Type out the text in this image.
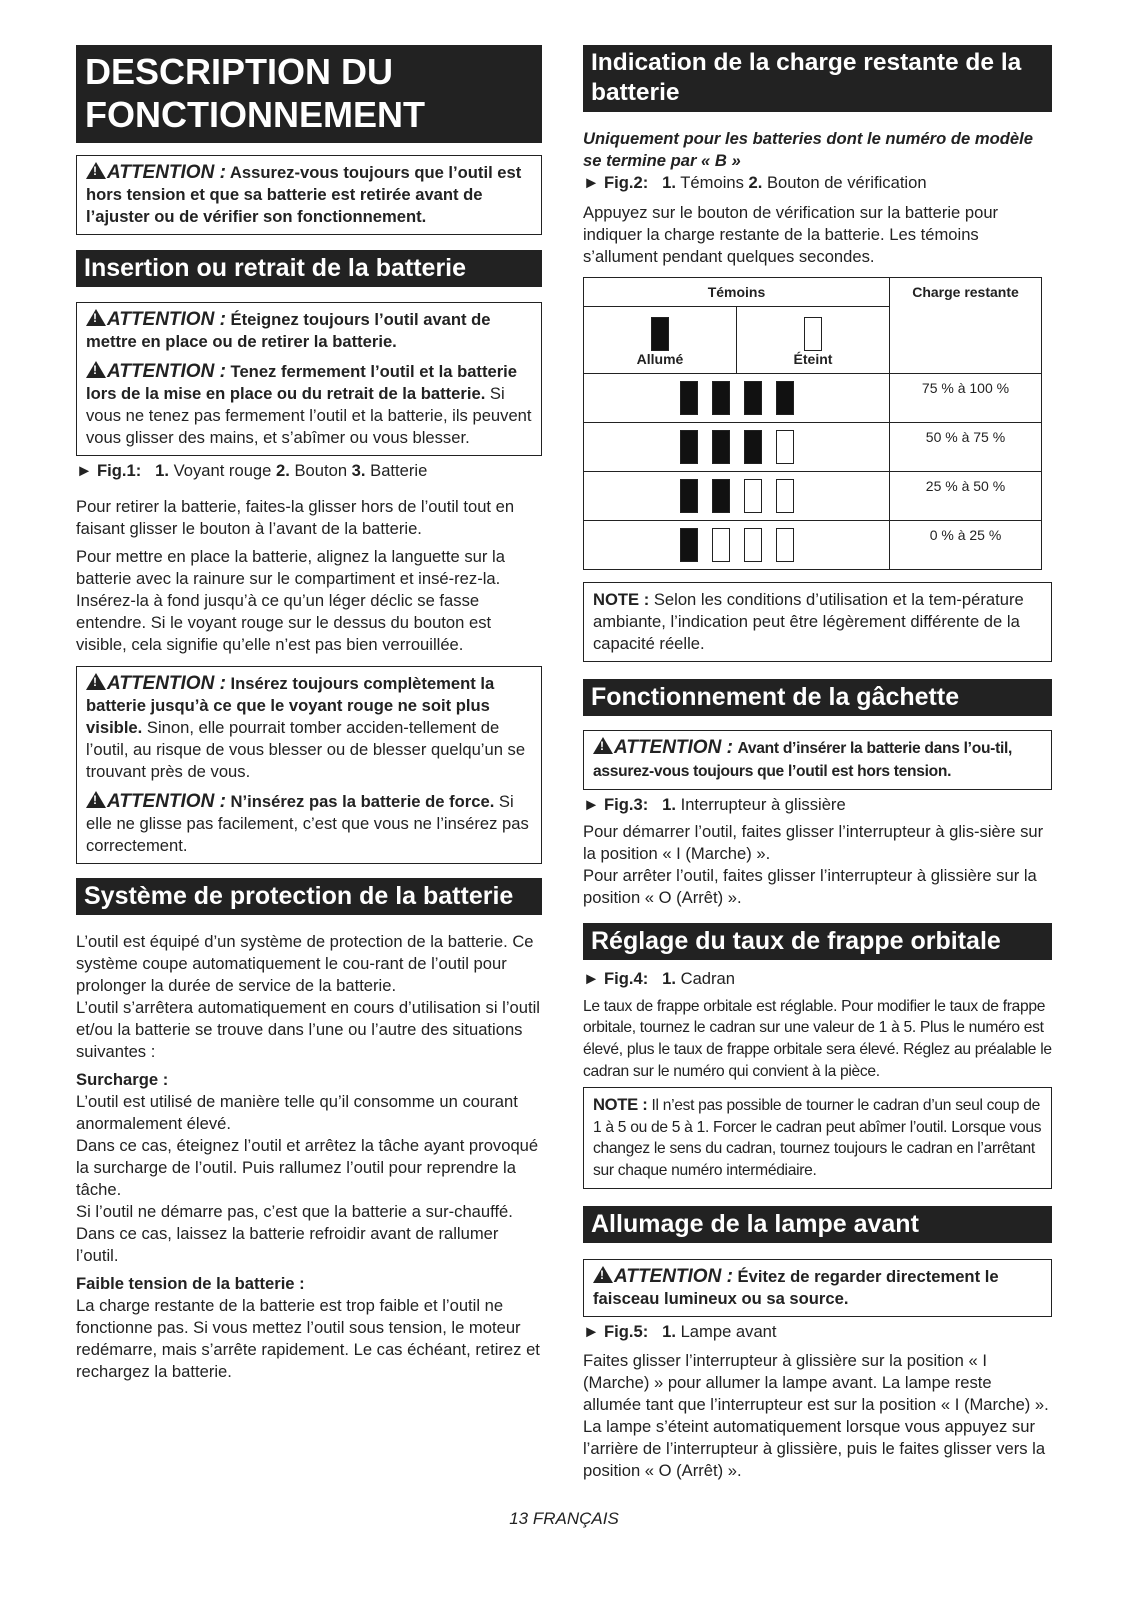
DESCRIPTION DU FONCTIONNEMENT

!ATTENTION : Assurez-vous toujours que l’outil est hors tension et que sa batterie est retirée avant de l’ajuster ou de vérifier son fonctionnement.

Insertion ou retrait de la batterie

!ATTENTION : Éteignez toujours l’outil avant de mettre en place ou de retirer la batterie.

!ATTENTION : Tenez fermement l’outil et la batterie lors de la mise en place ou du retrait de la batterie. Si vous ne tenez pas fermement l’outil et la batterie, ils peuvent vous glisser des mains, et s’abîmer ou vous blesser.

► Fig.1: 1. Voyant rouge 2. Bouton 3. Batterie

Pour retirer la batterie, faites-la glisser hors de l’outil tout en faisant glisser le bouton à l’avant de la batterie.

Pour mettre en place la batterie, alignez la languette sur la batterie avec la rainure sur le compartiment et insé-rez-la. Insérez-la à fond jusqu’à ce qu’un léger déclic se fasse entendre. Si le voyant rouge sur le dessus du bouton est visible, cela signifie qu’elle n’est pas bien verrouillée.

!ATTENTION : Insérez toujours complètement la batterie jusqu’à ce que le voyant rouge ne soit plus visible. Sinon, elle pourrait tomber acciden-tellement de l’outil, au risque de vous blesser ou de blesser quelqu’un se trouvant près de vous.

!ATTENTION : N’insérez pas la batterie de force. Si elle ne glisse pas facilement, c’est que vous ne l’insérez pas correctement.

Système de protection de la batterie

L’outil est équipé d’un système de protection de la batterie. Ce système coupe automatiquement le cou-rant de l’outil pour prolonger la durée de service de la batterie.

L’outil s’arrêtera automatiquement en cours d’utilisation si l’outil et/ou la batterie se trouve dans l’une ou l’autre des situations suivantes :

Surcharge :

L’outil est utilisé de manière telle qu’il consomme un courant anormalement élevé.

Dans ce cas, éteignez l’outil et arrêtez la tâche ayant provoqué la surcharge de l’outil. Puis rallumez l’outil pour reprendre la tâche.

Si l’outil ne démarre pas, c’est que la batterie a sur-chauffé. Dans ce cas, laissez la batterie refroidir avant de rallumer l’outil.

Faible tension de la batterie :

La charge restante de la batterie est trop faible et l’outil ne fonctionne pas. Si vous mettez l’outil sous tension, le moteur redémarre, mais s’arrête rapidement. Le cas échéant, retirez et rechargez la batterie.

Indication de la charge restante de la batterie

Uniquement pour les batteries dont le numéro de modèle se termine par « B »

► Fig.2: 1. Témoins 2. Bouton de vérification

Appuyez sur le bouton de vérification sur la batterie pour indiquer la charge restante de la batterie. Les témoins s’allument pendant quelques secondes.

Témoins		Charge restante

Allumé	Éteint	
		75 % à 100 %
		50 % à 75 %
		25 % à 50 %
		0 % à 25 %

NOTE : Selon les conditions d’utilisation et la tem-pérature ambiante, l’indication peut être légèrement différente de la capacité réelle.

Fonctionnement de la gâchette

!ATTENTION : Avant d’insérer la batterie dans l’ou-til, assurez-vous toujours que l’outil est hors tension.

► Fig.3: 1. Interrupteur à glissière

Pour démarrer l’outil, faites glisser l’interrupteur à glis-sière sur la position « I (Marche) ».

Pour arrêter l’outil, faites glisser l’interrupteur à glissière sur la position « O (Arrêt) ».

Réglage du taux de frappe orbitale

► Fig.4: 1. Cadran

Le taux de frappe orbitale est réglable. Pour modifier le taux de frappe orbitale, tournez le cadran sur une valeur de 1 à 5. Plus le numéro est élevé, plus le taux de frappe orbitale sera élevé. Réglez au préalable le cadran sur le numéro qui convient à la pièce.

NOTE : Il n’est pas possible de tourner le cadran d’un seul coup de 1 à 5 ou de 5 à 1. Forcer le cadran peut abîmer l’outil. Lorsque vous changez le sens du cadran, tournez toujours le cadran en l’arrêtant sur chaque numéro intermédiaire.

Allumage de la lampe avant

!ATTENTION : Évitez de regarder directement le faisceau lumineux ou sa source.

► Fig.5: 1. Lampe avant

Faites glisser l’interrupteur à glissière sur la position « I (Marche) » pour allumer la lampe avant. La lampe reste allumée tant que l’interrupteur est sur la position « I (Marche) ».

La lampe s’éteint automatiquement lorsque vous appuyez sur l’arrière de l’interrupteur à glissière, puis le faites glisser vers la position « O (Arrêt) ».

13 FRANÇAIS
